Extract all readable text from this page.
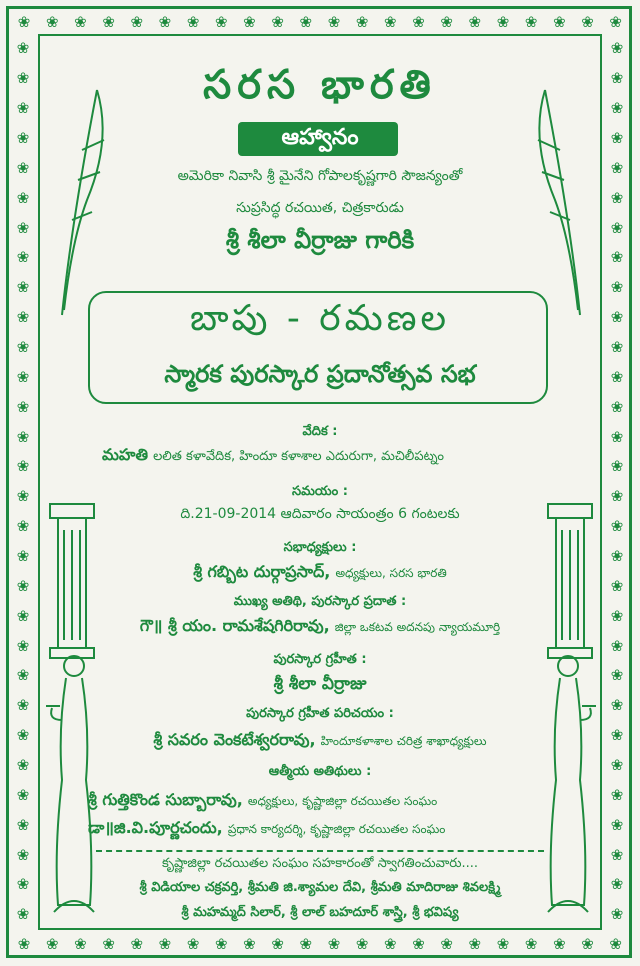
❀ ❀ ❀ ❀ ❀ ❀ ❀ ❀ ❀ ❀ ❀ ❀ ❀ ❀ ❀ ❀ ❀ ❀ ❀ ❀ ❀ ❀
❀ ❀ ❀ ❀ ❀ ❀ ❀ ❀ ❀ ❀ ❀ ❀ ❀ ❀ ❀ ❀ ❀ ❀ ❀ ❀ ❀ ❀
❀
❀
❀
❀
❀
❀
❀
❀
❀
❀
❀
❀
❀
❀
❀
❀
❀
❀
❀
❀
❀
❀
❀
❀
❀
❀
❀
❀
❀
❀
❀
❀
❀
❀
❀
❀
❀
❀
❀
❀
❀
❀
❀
❀
❀
❀
❀
❀
❀
❀
❀
❀
❀
❀
❀
❀
❀
❀
❀
❀
సరస భారతి
ఆహ్వానం
అమెరికా నివాసి శ్రీ మైనేని గోపాలకృష్ణగారి సౌజన్యంతో
సుప్రసిద్ధ రచయిత, చిత్రకారుడు
శ్రీ శీలా వీర్రాజు గారికి
బాపు - రమణల
స్మారక పురస్కార ప్రదానోత్సవ సభ
వేదిక :
మహతి లలిత కళావేదిక, హిందూ కళాశాల ఎదురుగా, మచిలీపట్నం
సమయం :
ది.21-09-2014 ఆదివారం సాయంత్రం 6 గంటలకు
సభాధ్యక్షులు :
శ్రీ గబ్బిట దుర్గాప్రసాద్, అధ్యక్షులు, సరస భారతి
ముఖ్య అతిథి, పురస్కార ప్రదాత :
గౌ॥ శ్రీ యం. రామశేషగిరిరావు, జిల్లా ఒకటవ అదనపు న్యాయమూర్తి
పురస్కార గ్రహీత :
శ్రీ శీలా వీర్రాజు
పురస్కార గ్రహీత పరిచయం :
శ్రీ సవరం వెంకటేశ్వరరావు, హిందూకళాశాల చరిత్ర శాఖాధ్యక్షులు
ఆత్మీయ అతిథులు :
శ్రీ గుత్తికొండ సుబ్బారావు, అధ్యక్షులు, కృష్ణాజిల్లా రచయితల సంఘం
డా॥జి.వి.పూర్ణచందు, ప్రధాన కార్యదర్శి, కృష్ణాజిల్లా రచయితల సంఘం
కృష్ణాజిల్లా రచయితల సంఘం సహకారంతో స్వాగతించువారు....
శ్రీ విడియాల చక్రవర్తి, శ్రీమతి జి.శ్యామల దేవి, శ్రీమతి మాదిరాజు శివలక్ష్మి
శ్రీ మహమ్మద్ సిలార్, శ్రీ లాల్ బహదూర్ శాస్త్రి, శ్రీ భవిష్య
